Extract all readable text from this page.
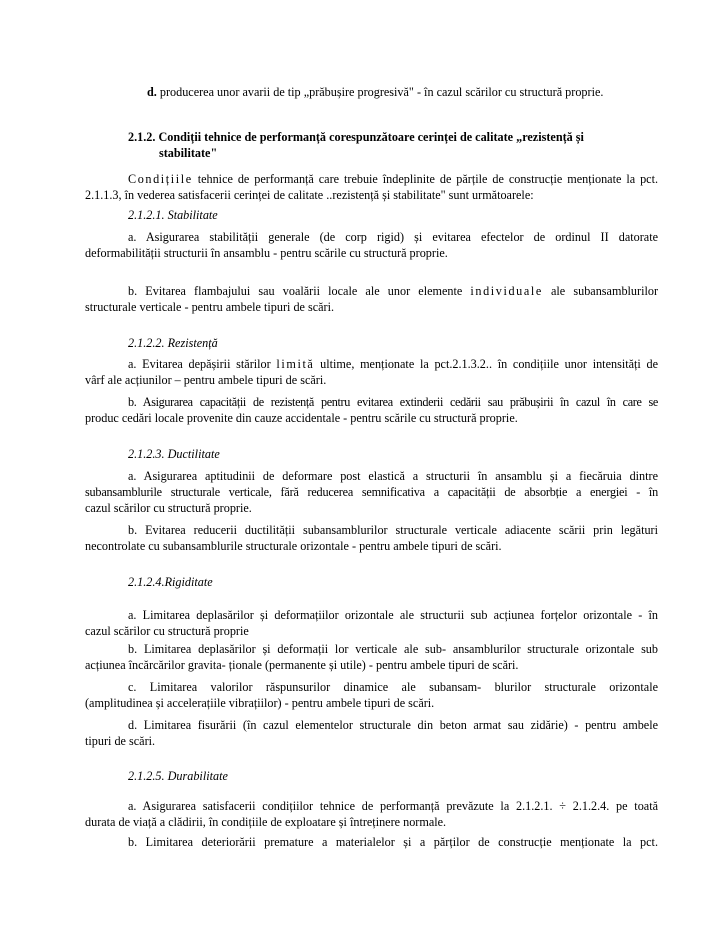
d. producerea unor avarii de tip „prăbușire progresivă" - în cazul scărilor cu structură proprie.

2.1.2. Condiții tehnice de performanță corespunzătoare cerinței de calitate „rezistență și

stabilitate"

Condițiile tehnice de performanță care trebuie îndeplinite de părțile de construcție menționate la pct.

2.1.1.3, în vederea satisfacerii cerinței de calitate ..rezistență și stabilitate" sunt următoarele:

2.1.2.1. Stabilitate

a. Asigurarea stabilității generale (de corp rigid) și evitarea efectelor de ordinul II datorate

deformabilității structurii în ansamblu - pentru scările cu structură proprie.

b. Evitarea flambajului sau voalării locale ale unor elemente individuale ale subansamblurilor

structurale verticale - pentru ambele tipuri de scări.

2.1.2.2. Rezistență

a. Evitarea depășirii stărilor limită ultime, menționate la pct.2.1.3.2.. în condițiile unor intensități de

vârf ale acțiunilor – pentru ambele tipuri de scări.

b. Asigurarea capacității de rezistență pentru evitarea extinderii cedării sau prăbușirii în cazul în care se

produc cedări locale provenite din cauze accidentale - pentru scările cu structură proprie.

2.1.2.3. Ductilitate

a. Asigurarea aptitudinii de deformare post elastică a structurii în ansamblu și a fiecăruia dintre

subansamblurile structurale verticale, fără reducerea semnificativa a capacității de absorbție a energiei - în

cazul scărilor cu structură proprie.

b. Evitarea reducerii ductilității subansamblurilor structurale verticale adiacente scării prin legături

necontrolate cu subansamblurile structurale orizontale - pentru ambele tipuri de scări.

2.1.2.4.Rigiditate

a. Limitarea deplasărilor și deformațiilor orizontale ale structurii sub acțiunea forțelor orizontale - în

cazul scărilor cu structură proprie

b. Limitarea deplasărilor și deformații lor verticale ale sub- ansamblurilor structurale orizontale sub

acțiunea încărcărilor gravita- ționale (permanente și utile) - pentru ambele tipuri de scări.

c. Limitarea valorilor răspunsurilor dinamice ale subansam- blurilor structurale orizontale

(amplitudinea și accelerațiile vibrațiilor) - pentru ambele tipuri de scări.

d. Limitarea fisurării (în cazul elementelor structurale din beton armat sau zidărie) - pentru ambele

tipuri de scări.

2.1.2.5. Durabilitate

a. Asigurarea satisfacerii condițiilor tehnice de performanță prevăzute la 2.1.2.1. ÷ 2.1.2.4. pe toată

durata de viață a clădirii, în condițiile de exploatare și întreținere normale.

b. Limitarea deteriorării premature a materialelor și a părților de construcție menționate la pct.
